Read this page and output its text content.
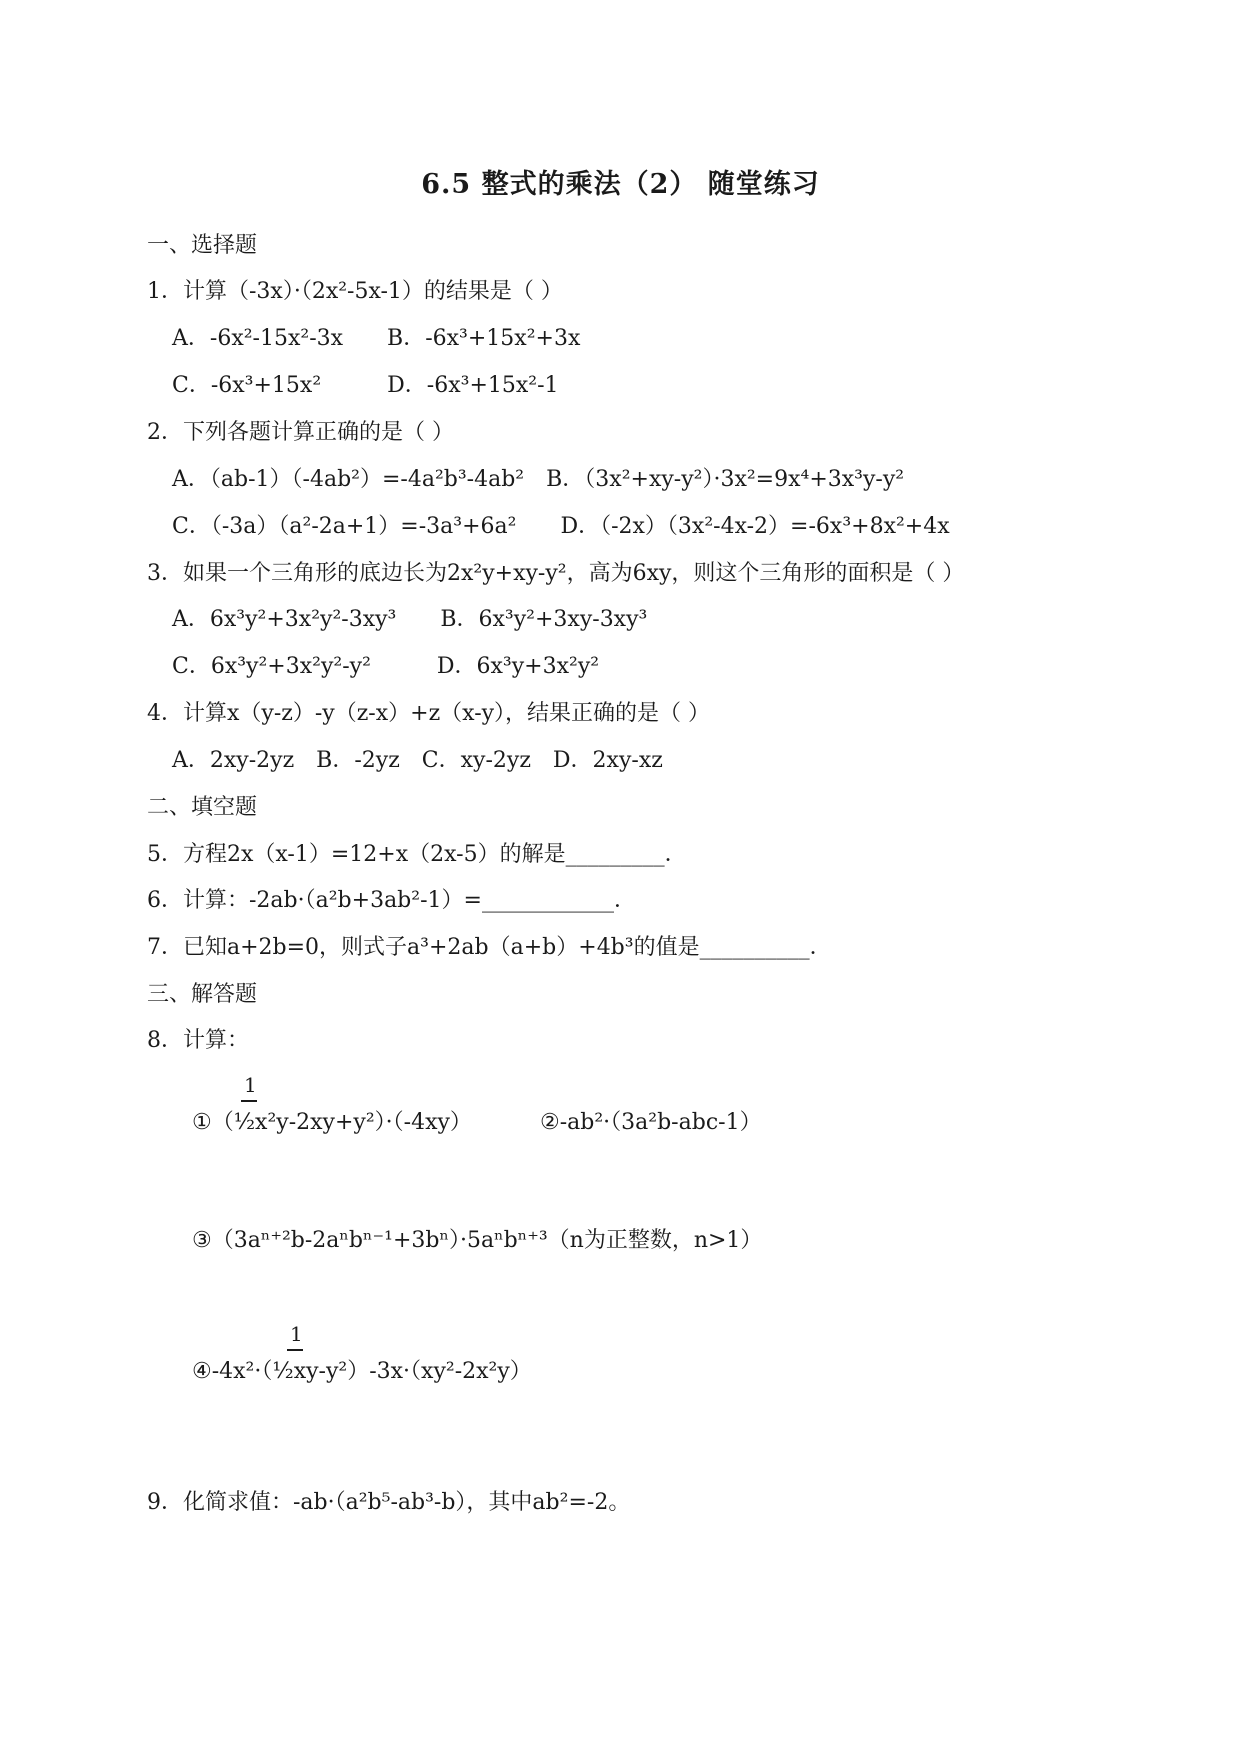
6.5 整式的乘法（2） 随堂练习
一、选择题
1．计算（-3x）·（2x²-5x-1）的结果是（ ）
A．-6x²-15x²-3x　　B．-6x³+15x²+3x
C．-6x³+15x²　　　D．-6x³+15x²-1
2．下列各题计算正确的是（ ）
A．（ab-1）（-4ab²）=-4a²b³-4ab²　B．（3x²+xy-y²）·3x²=9x⁴+3x³y-y²
C．（-3a）（a²-2a+1）=-3a³+6a²　　D．（-2x）（3x²-4x-2）=-6x³+8x²+4x
3．如果一个三角形的底边长为2x²y+xy-y²，高为6xy，则这个三角形的面积是（ ）
A．6x³y²+3x²y²-3xy³　　B．6x³y²+3xy-3xy³
C．6x³y²+3x²y²-y²　　　D．6x³y+3x²y²
4．计算x（y-z）-y（z-x）+z（x-y），结果正确的是（ ）
A．2xy-2yz　B．-2yz　C．xy-2yz　D．2xy-xz
二、填空题
5．方程2x（x-1）=12+x（2x-5）的解是_________．
6．计算：-2ab·（a²b+3ab²-1）=____________．
7．已知a+2b=0，则式子a³+2ab（a+b）+4b³的值是__________．
三、解答题
8．计算：
1
①（½x²y-2xy+y²）·（-4xy）	②-ab²·（3a²b-abc-1）
③（3aⁿ⁺²b-2aⁿbⁿ⁻¹+3bⁿ）·5aⁿbⁿ⁺³（n为正整数，n>1）
1
④-4x²·（½xy-y²）-3x·（xy²-2x²y）
9．化简求值：-ab·（a²b⁵-ab³-b），其中ab²=-2。
